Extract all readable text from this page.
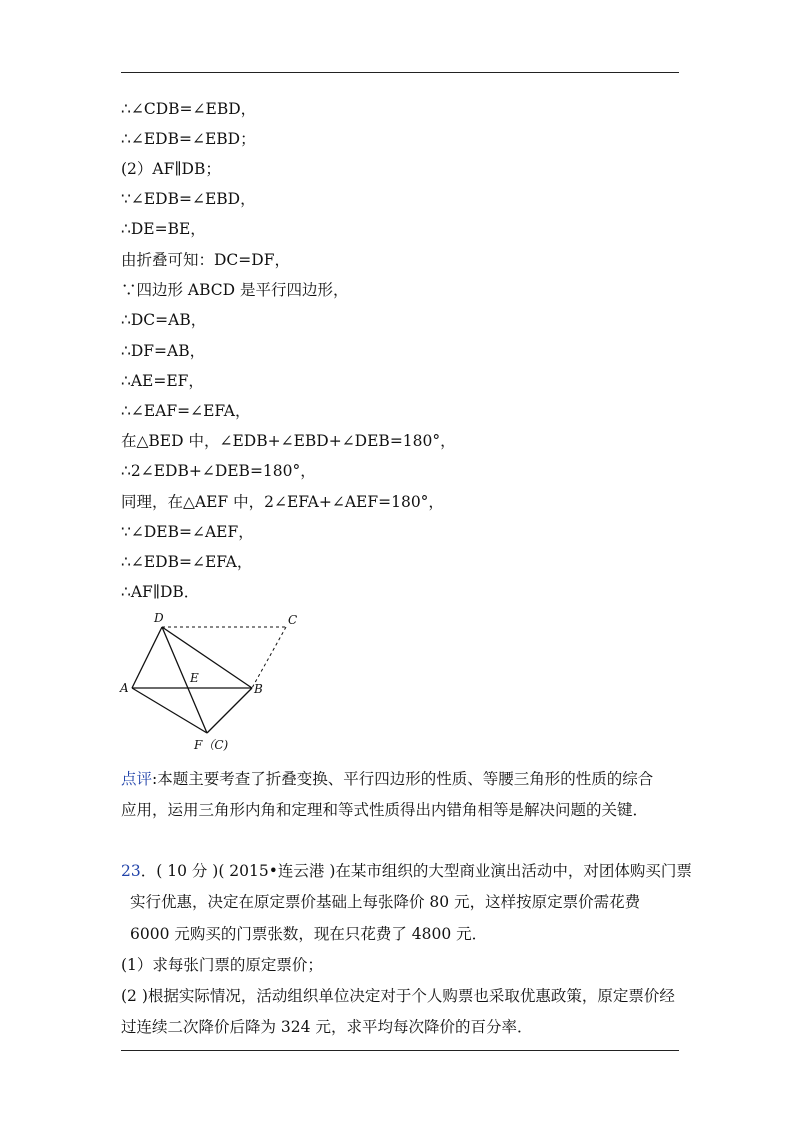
∴∠CDB=∠EBD，
∴∠EDB=∠EBD；
(2）AF∥DB；
∵∠EDB=∠EBD，
∴DE=BE，
由折叠可知：DC=DF，
∵四边形 ABCD 是平行四边形，
∴DC=AB，
∴DF=AB，
∴AE=EF，
∴∠EAF=∠EFA，
在△BED 中，∠EDB+∠EBD+∠DEB=180°，
∴2∠EDB+∠DEB=180°，
同理，在△AEF 中，2∠EFA+∠AEF=180°，
∵∠DEB=∠AEF，
∴∠EDB=∠EFA，
∴AF∥DB．
D	C
A
E
B
F（C)
点评:本题主要考查了折叠变换、平行四边形的性质、等腰三角形的性质的综合
应用，运用三角形内角和定理和等式性质得出内错角相等是解决问题的关键．
23．( 10 分 )( 2015•连云港 )在某市组织的大型商业演出活动中，对团体购买门票
实行优惠，决定在原定票价基础上每张降价 80 元，这样按原定票价需花费
6000 元购买的门票张数，现在只花费了 4800 元．
(1）求每张门票的原定票价；
(2 )根据实际情况，活动组织单位决定对于个人购票也采取优惠政策，原定票价经
过连续二次降价后降为 324 元，求平均每次降价的百分率．
